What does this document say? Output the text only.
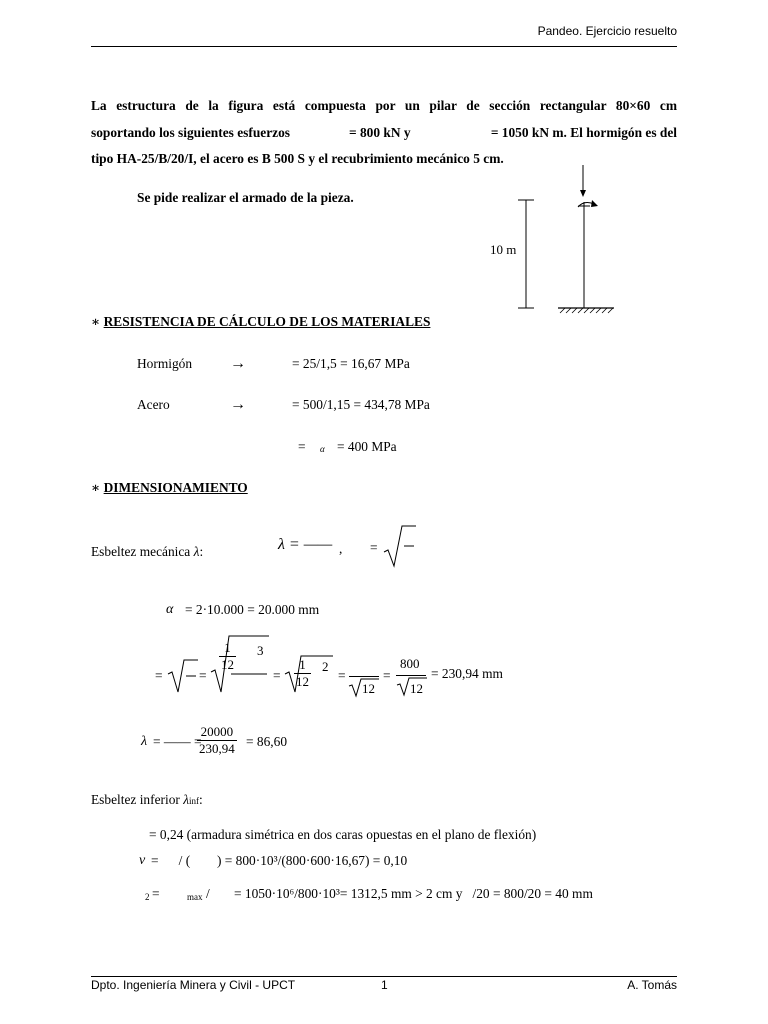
Pandeo. Ejercicio resuelto
La estructura de la figura está compuesta por un pilar de sección rectangular 80×60 cm
soportando los siguientes esfuerzos	= 800 kN y	= 1050 kN m. El hormigón es del
tipo HA-25/B/20/I, el acero es B 500 S y el recubrimiento mecánico 5 cm.
Se pide realizar el armado de la pieza.
10 m
∗ RESISTENCIA DE CÁLCULO DE LOS MATERIALES
Hormigón →	= 25/1,5 = 16,67 MPa
Acero	→	= 500/1,15 = 434,78 MPa
= α = 400 MPa
∗ DIMENSIONAMIENTO
Esbeltez mecánica λ:	λ = —— , =
α = 2·10.000 = 20.000 mm
=	=
$\frac{1}{12} 3$
= $\frac{1}{12} 2$
=
12
=
800
12
= 230,94 mm
λ = —— =
$\frac{20000}{230,94} = 86,60$
Esbeltez inferior λinf:
= 0,24 (armadura simétrica en dos caras opuestas en el plano de flexión)
ν =      / (        ) = 800·10³/(800·600·16,67) = 0,10
2 =	max / = 1050·10⁶/800·10³= 1312,5 mm > 2 cm y   /20 = 800/20 = 40 mm
Dpto. Ingeniería Minera y Civil - UPCT	1	A. Tomás
